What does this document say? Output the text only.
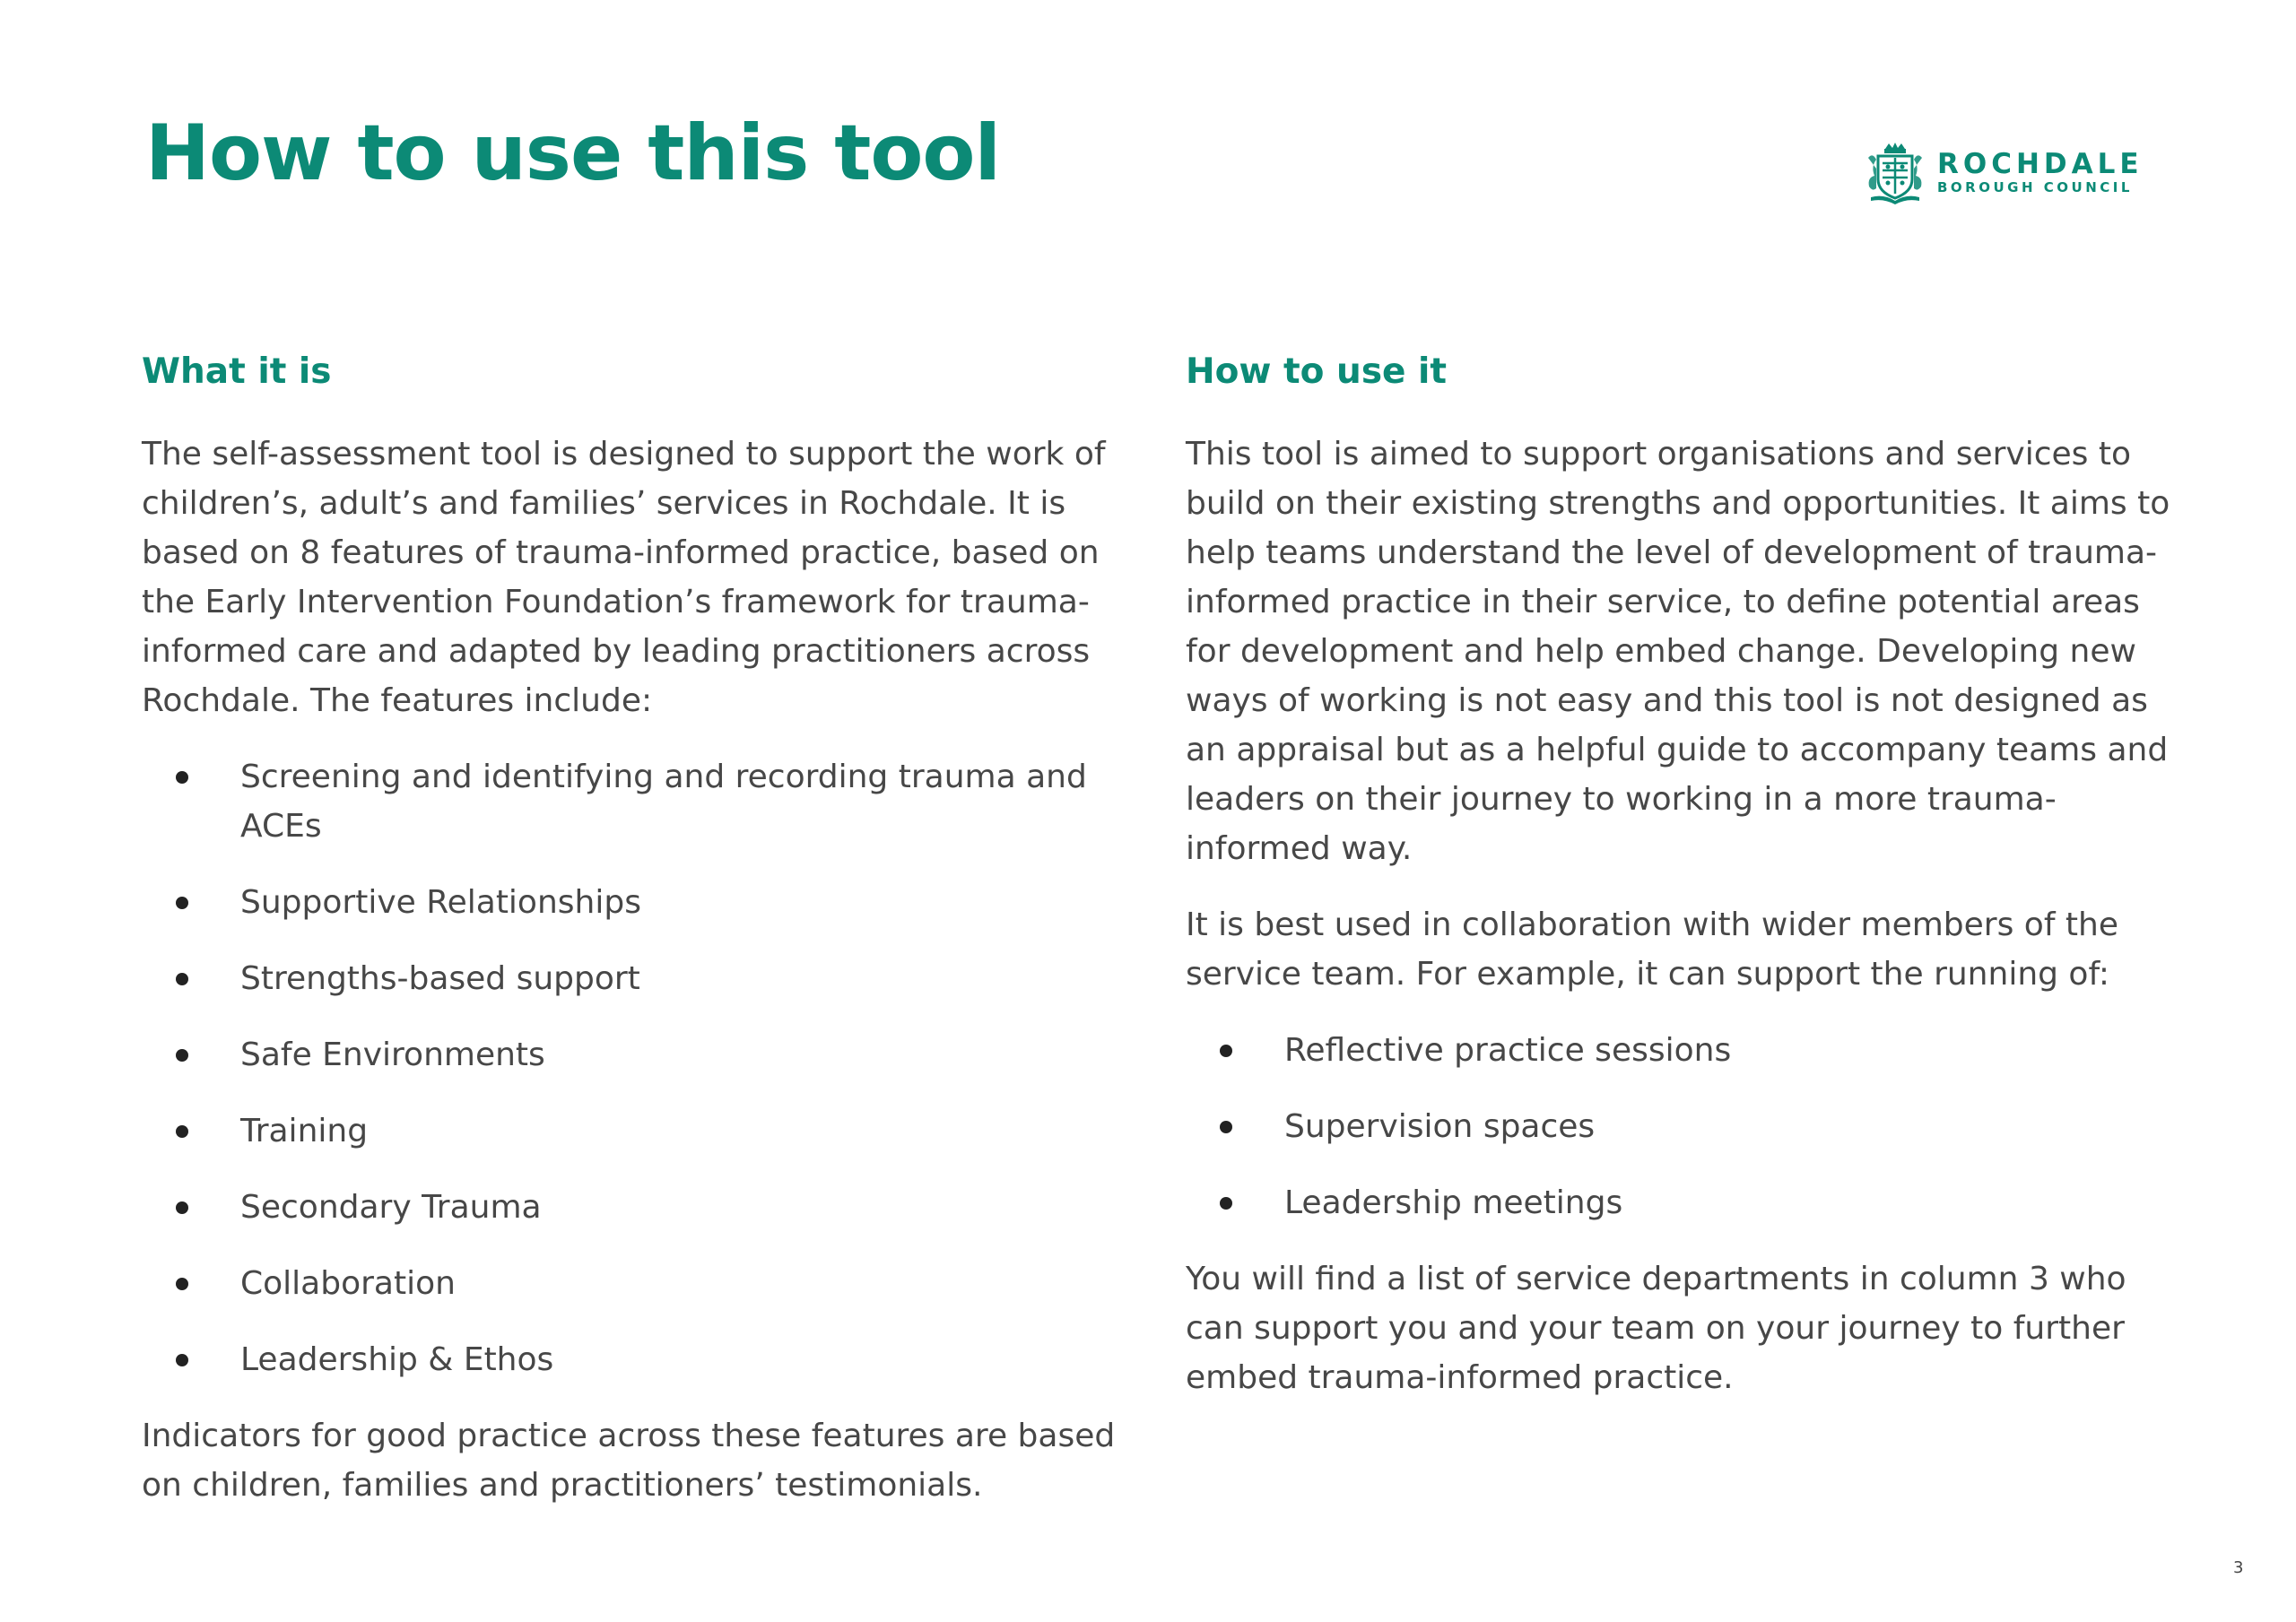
How to use this tool	ROCHDALE
BOROUGH COUNCIL
What it is

The self-assessment tool is designed to support the work of children’s, adult’s and families’ services in Rochdale. It is based on 8 features of trauma-informed practice, based on the Early Intervention Foundation’s framework for trauma-informed care and adapted by leading practitioners across Rochdale. The features include:

Screening and identifying and recording trauma and ACEs
Supportive Relationships
Strengths-based support
Safe Environments
Training
Secondary Trauma
Collaboration
Leadership & Ethos

Indicators for good practice across these features are based on children, families and practitioners’ testimonials.

How to use it

This tool is aimed to support organisations and services to build on their existing strengths and opportunities. It aims to help teams understand the level of development of trauma-informed practice in their service, to define potential areas for development and help embed change. Developing new ways of working is not easy and this tool is not designed as an appraisal but as a helpful guide to accompany teams and leaders on their journey to working in a more trauma-informed way.

It is best used in collaboration with wider members of the service team. For example, it can support the running of:

Reflective practice sessions
Supervision spaces
Leadership meetings

You will find a list of service departments in column 3 who can support you and your team on your journey to further embed trauma-informed practice.

3
